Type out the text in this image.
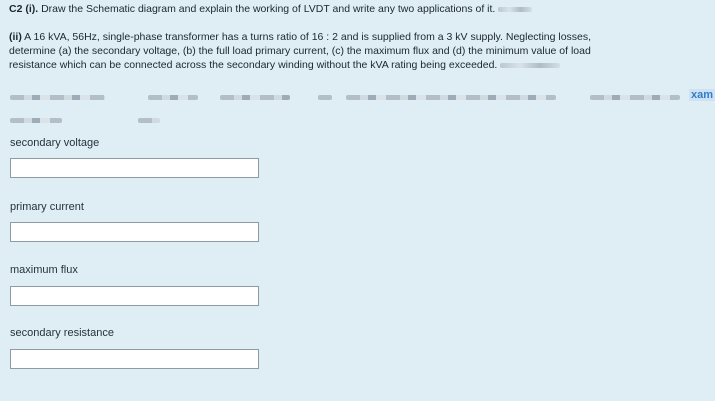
C2 (i). Draw the Schematic diagram and explain the working of LVDT and write any two applications of it.
(ii) A 16 kVA, 56Hz, single-phase transformer has a turns ratio of 16 : 2 and is supplied from a 3 kV supply. Neglecting losses,
determine (a) the secondary voltage, (b) the full load primary current, (c) the maximum flux and (d) the minimum value of load
resistance which can be connected across the secondary winding without the kVA rating being exceeded.
xam
secondary voltage
primary current
maximum flux
secondary resistance
